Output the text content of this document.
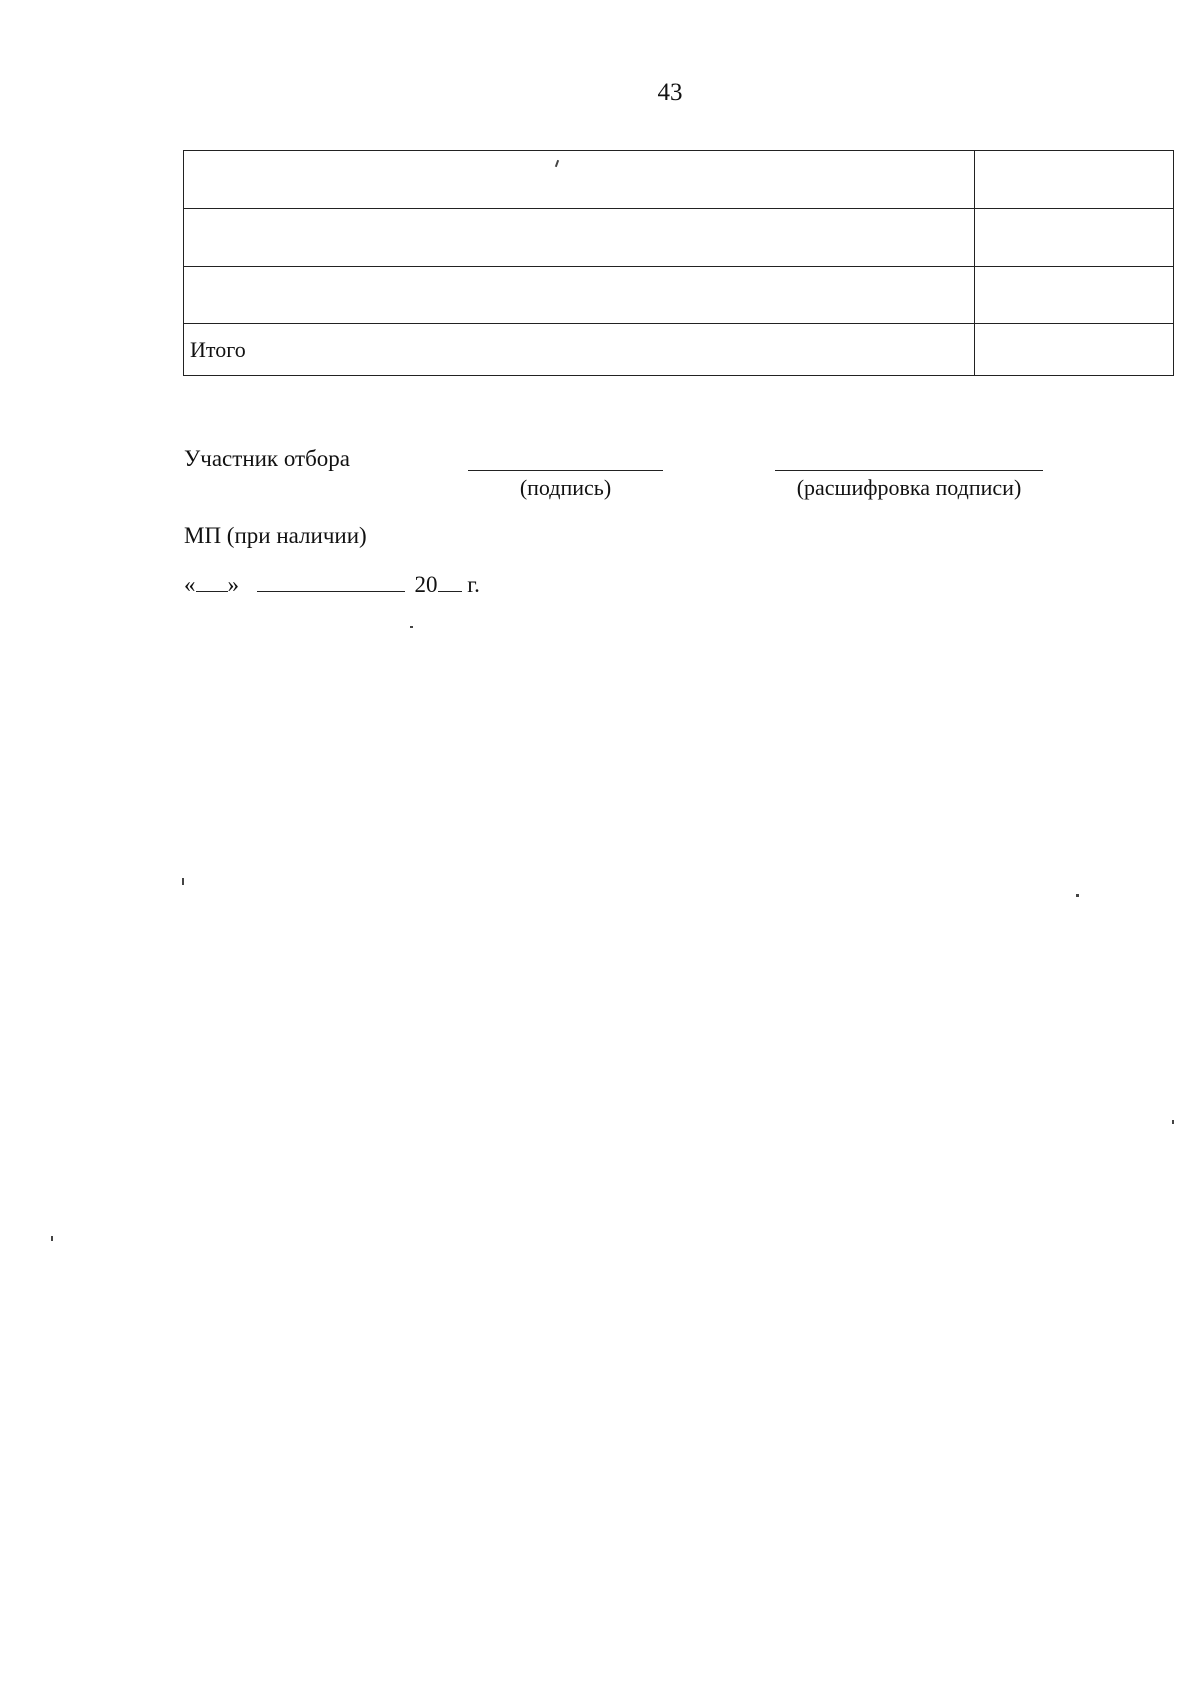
43

Итого	
Участник отбора
(подпись)	(расшифровка подписи)
МП (при наличии)
« »	20 г.
